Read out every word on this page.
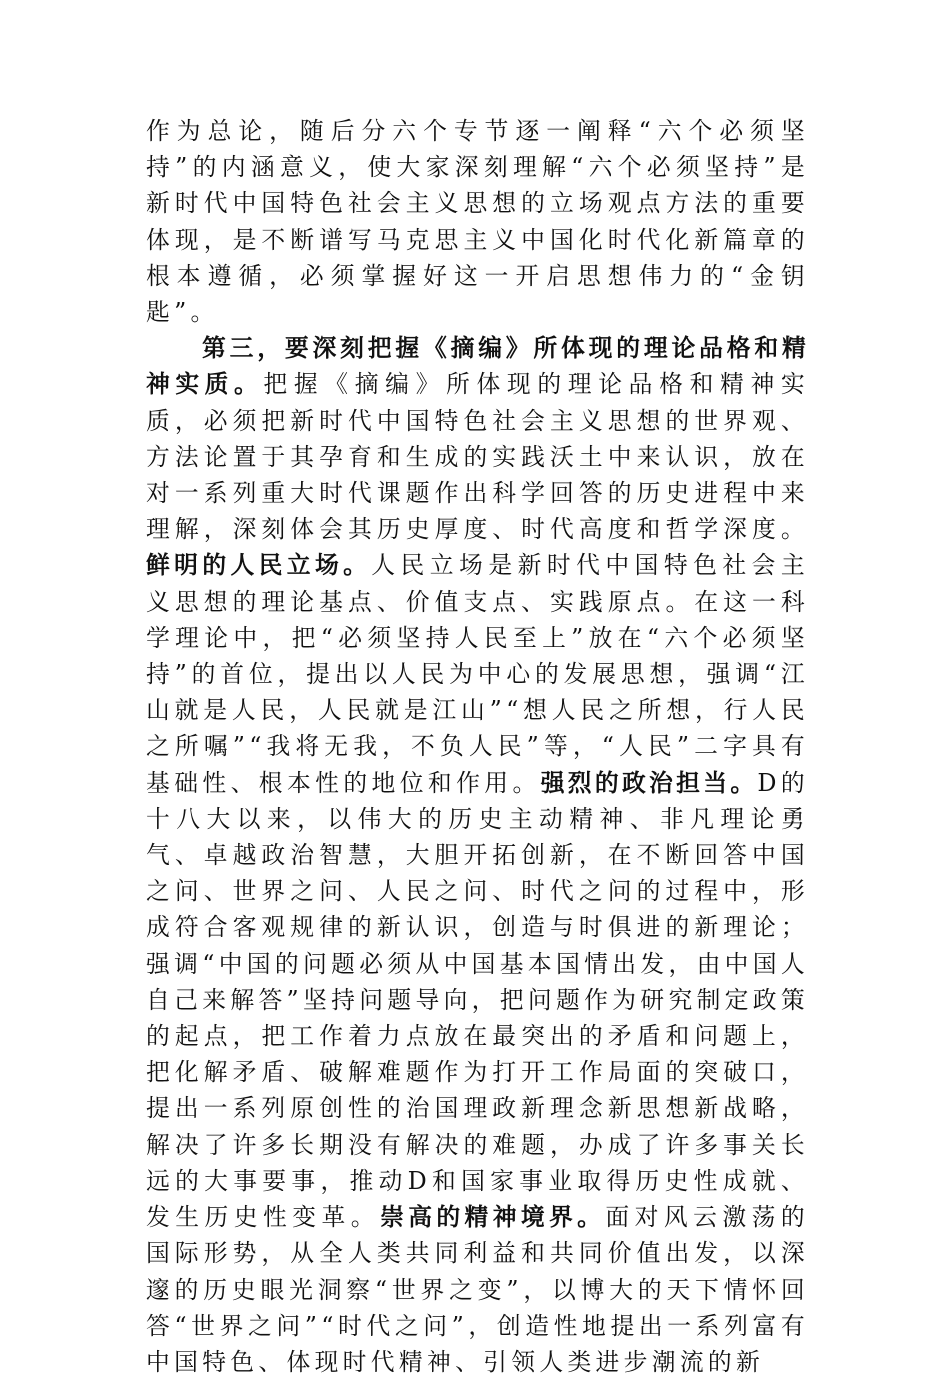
作为总论，随后分六个专节逐一阐释“六个必须坚持”的内涵意义，使大家深刻理解“六个必须坚持”是新时代中国特色社会主义思想的立场观点方法的重要体现，是不断谱写马克思主义中国化时代化新篇章的根本遵循，必须掌握好这一开启思想伟力的“金钥匙”。

第三，要深刻把握《摘编》所体现的理论品格和精神实质。把握《摘编》所体现的理论品格和精神实质，必须把新时代中国特色社会主义思想的世界观、方法论置于其孕育和生成的实践沃土中来认识，放在对一系列重大时代课题作出科学回答的历史进程中来理解，深刻体会其历史厚度、时代高度和哲学深度。鲜明的人民立场。人民立场是新时代中国特色社会主义思想的理论基点、价值支点、实践原点。在这一科学理论中，把“必须坚持人民至上”放在“六个必须坚持”的首位，提出以人民为中心的发展思想，强调“江山就是人民，人民就是江山”“想人民之所想，行人民之所嘱”“我将无我，不负人民”等，“人民”二字具有基础性、根本性的地位和作用。强烈的政治担当。D的十八大以来，以伟大的历史主动精神、非凡理论勇气、卓越政治智慧，大胆开拓创新，在不断回答中国之问、世界之问、人民之问、时代之问的过程中，形成符合客观规律的新认识，创造与时俱进的新理论；强调“中国的问题必须从中国基本国情出发，由中国人自己来解答”坚持问题导向，把问题作为研究制定政策的起点，把工作着力点放在最突出的矛盾和问题上，把化解矛盾、破解难题作为打开工作局面的突破口，提出一系列原创性的治国理政新理念新思想新战略，解决了许多长期没有解决的难题，办成了许多事关长远的大事要事，推动D和国家事业取得历史性成就、发生历史性变革。崇高的精神境界。面对风云激荡的国际形势，从全人类共同利益和共同价值出发，以深邃的历史眼光洞察“世界之变”，以博大的天下情怀回答“世界之问”“时代之问”，创造性地提出一系列富有中国特色、体现时代精神、引领人类进步潮流的新
